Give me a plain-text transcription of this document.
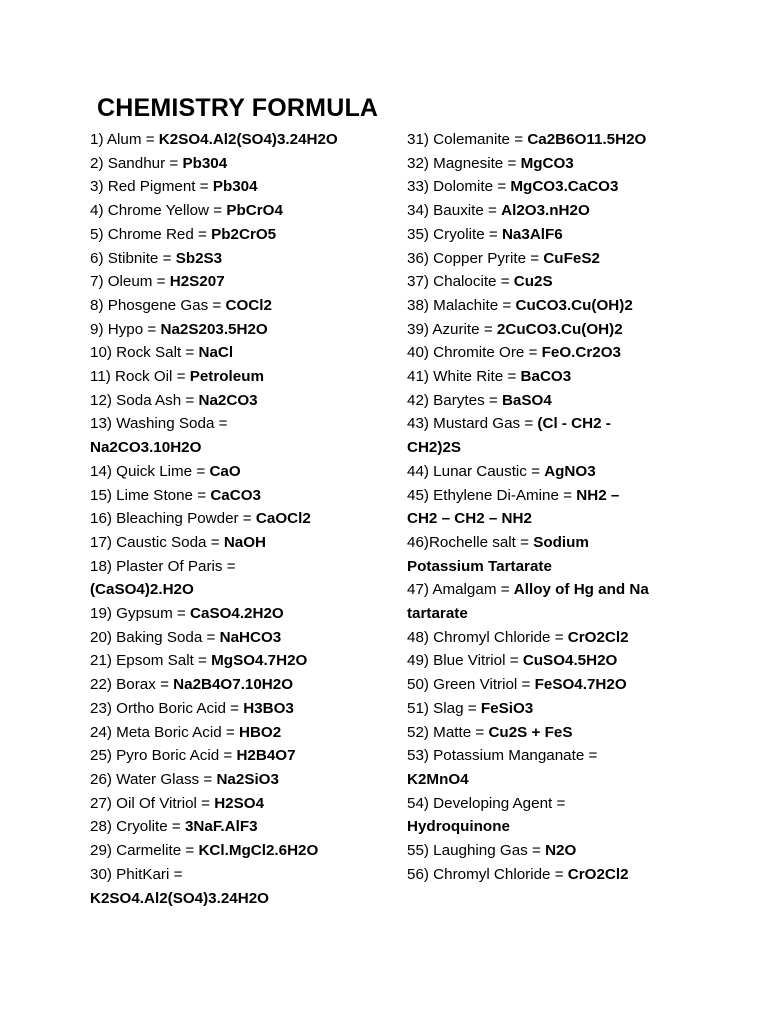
CHEMISTRY FORMULA
1) Alum = K2SO4.Al2(SO4)3.24H2O
2) Sandhur = Pb304
3) Red Pigment = Pb304
4) Chrome Yellow = PbCrO4
5) Chrome Red = Pb2CrO5
6) Stibnite = Sb2S3
7) Oleum = H2S207
8) Phosgene Gas = COCl2
9) Hypo = Na2S203.5H2O
10) Rock Salt = NaCl
11) Rock Oil = Petroleum
12) Soda Ash = Na2CO3
13) Washing Soda =
Na2CO3.10H2O
14) Quick Lime = CaO
15) Lime Stone = CaCO3
16) Bleaching Powder = CaOCl2
17) Caustic Soda = NaOH
18) Plaster Of Paris =
(CaSO4)2.H2O
19) Gypsum = CaSO4.2H2O
20) Baking Soda = NaHCO3
21) Epsom Salt = MgSO4.7H2O
22) Borax = Na2B4O7.10H2O
23) Ortho Boric Acid = H3BO3
24) Meta Boric Acid = HBO2
25) Pyro Boric Acid = H2B4O7
26) Water Glass = Na2SiO3
27) Oil Of Vitriol = H2SO4
28) Cryolite = 3NaF.AlF3
29) Carmelite = KCl.MgCl2.6H2O
30) PhitKari =
K2SO4.Al2(SO4)3.24H2O
31) Colemanite = Ca2B6O11.5H2O
32) Magnesite = MgCO3
33) Dolomite = MgCO3.CaCO3
34) Bauxite = Al2O3.nH2O
35) Cryolite = Na3AlF6
36) Copper Pyrite = CuFeS2
37) Chalocite = Cu2S
38) Malachite = CuCO3.Cu(OH)2
39) Azurite = 2CuCO3.Cu(OH)2
40) Chromite Ore = FeO.Cr2O3
41) White Rite = BaCO3
42) Barytes = BaSO4
43) Mustard Gas = (Cl - CH2 -
CH2)2S
44) Lunar Caustic = AgNO3
45) Ethylene Di-Amine = NH2 –
CH2 – CH2 – NH2
46)Rochelle salt = Sodium
Potassium Tartarate
47) Amalgam = Alloy of Hg and Na
tartarate
48) Chromyl Chloride = CrO2Cl2
49) Blue Vitriol = CuSO4.5H2O
50) Green Vitriol = FeSO4.7H2O
51) Slag = FeSiO3
52) Matte = Cu2S + FeS
53) Potassium Manganate =
K2MnO4
54) Developing Agent =
Hydroquinone
55) Laughing Gas = N2O
56) Chromyl Chloride = CrO2Cl2
